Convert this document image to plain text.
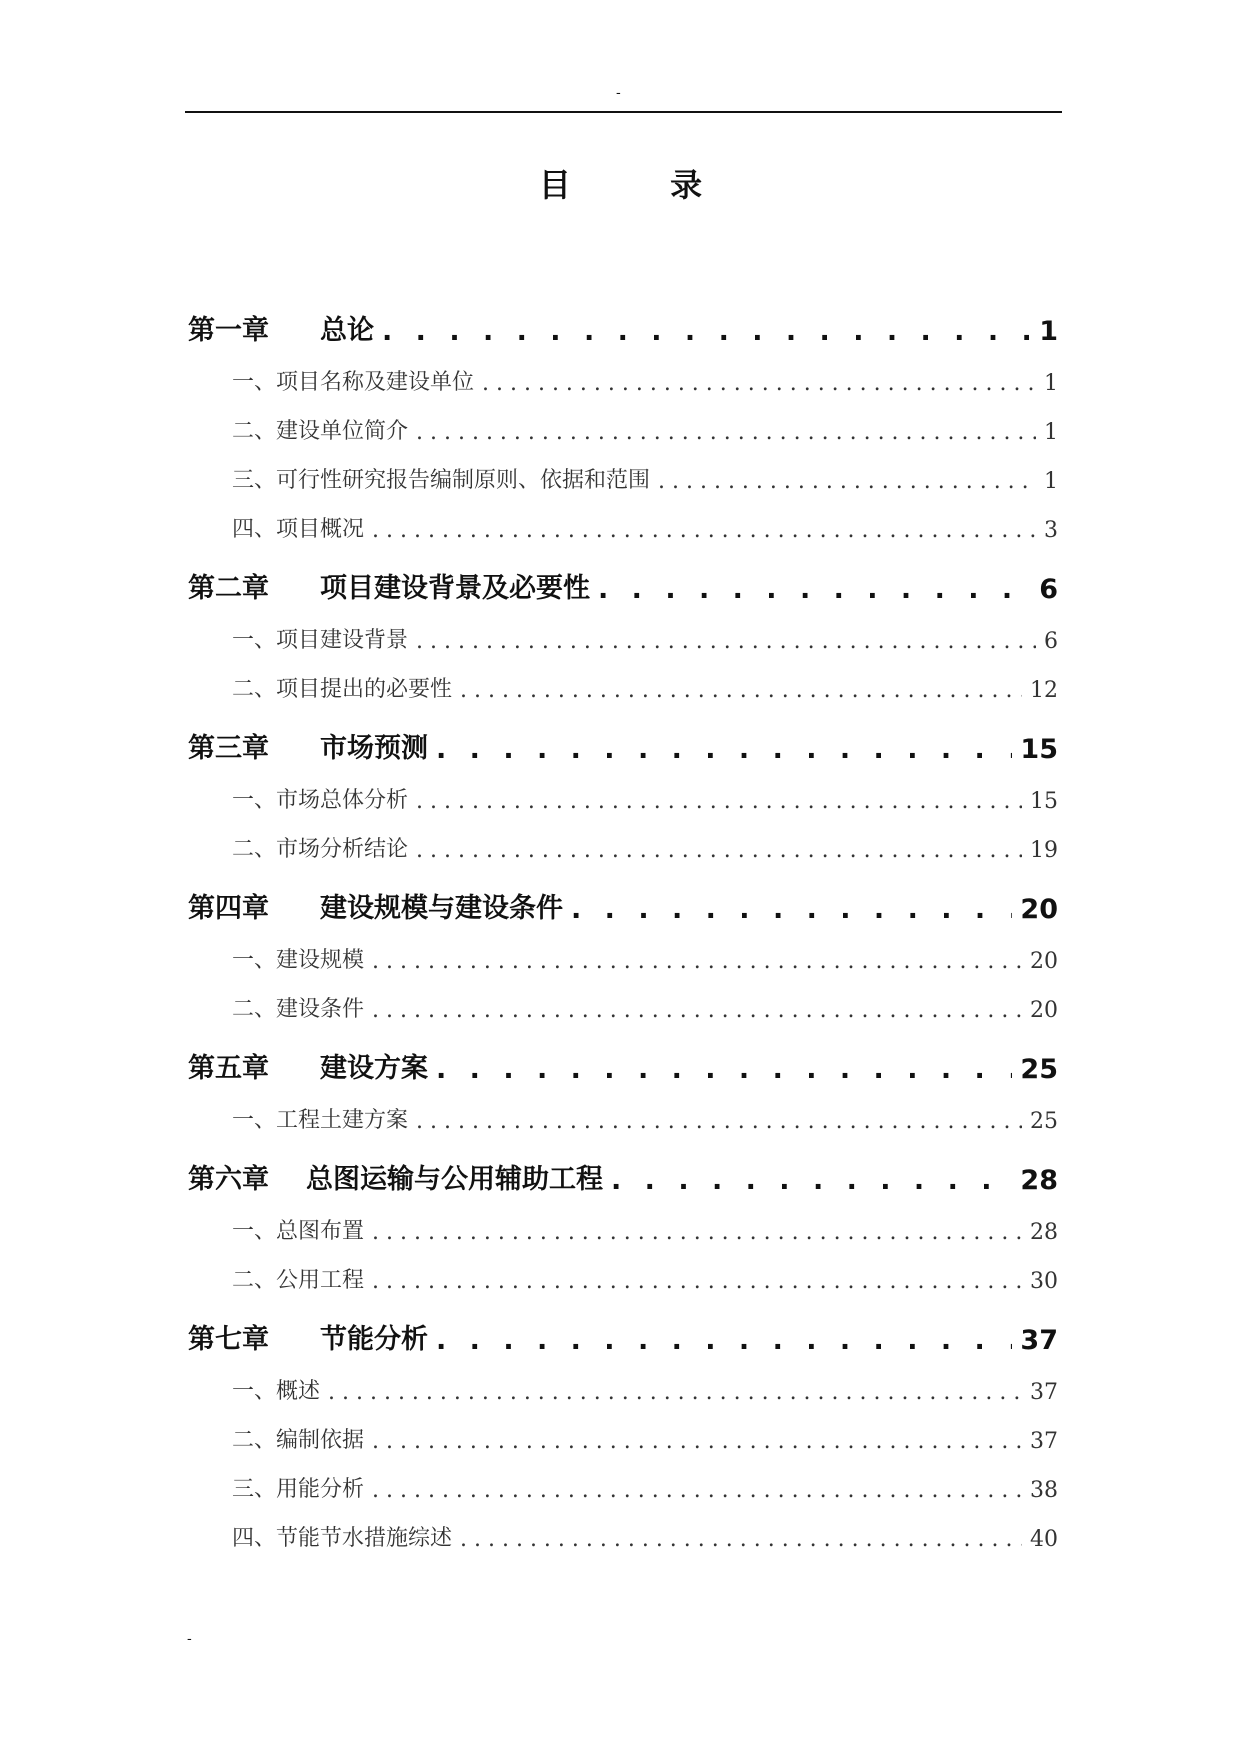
-
目 录
第一章	总论 . . .	1
一、项目名称及建设单位 . . .	1
二、建设单位简介 . . .	1
三、可行性研究报告编制原则、依据和范围 . . .	1
四、项目概况 . . .	3
第二章	项目建设背景及必要性 . . .	6
一、项目建设背景 . . .	6
二、项目提出的必要性 . . .	12
第三章	市场预测 . . .	15
一、市场总体分析 . . .	15
二、市场分析结论 . . .	19
第四章	建设规模与建设条件 . . .	20
一、建设规模 . . .	20
二、建设条件 . . .	20
第五章	建设方案 . . .	25
一、工程土建方案 . . .	25
第六章	总图运输与公用辅助工程 . . .	28
一、总图布置 . . .	28
二、公用工程 . . .	30
第七章	节能分析 . . .	37
一、概述 . . .	37
二、编制依据 . . .	37
三、用能分析 . . .	38
四、节能节水措施综述 . . .	40
-
